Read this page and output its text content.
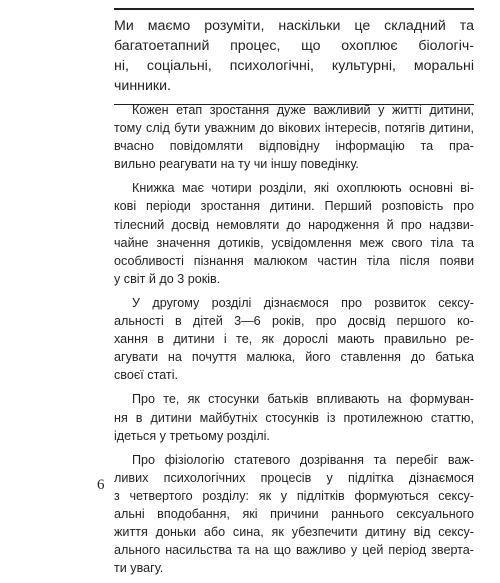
Ми маємо розуміти, наскільки це складний та
багатоетапний процес, що охоплює біологіч-
ні, соціальні, психологічні, культурні, моральні
чинники.
Кожен етап зростання дуже важливий у житті дитини,
тому слід бути уважним до вікових інтересів, потягів дитини,
вчасно повідомляти відповідну інформацію та пра-
вильно реагувати на ту чи іншу поведінку.
Книжка має чотири розділи, які охоплюють основні ві-
кові періоди зростання дитини. Перший розповість про
тілесний досвід немовляти до народження й про надзви-
чайне значення дотиків, усвідомлення меж свого тіла та
особливості пізнання малюком частин тіла після появи
у світ й до 3 років.
У другому розділі дізнаємося про розвиток сексу-
альності в дітей 3—6 років, про досвід першого ко-
хання в дитини і те, як дорослі мають правильно ре-
агувати на почуття малюка, його ставлення до батька
своєї статі.
Про те, як стосунки батьків впливають на формуван-
ня в дитини майбутніх стосунків із протилежною статтю,
ідеться у третьому розділі.
Про фізіологію статевого дозрівання та перебіг важ-
ливих психологічних процесів у підлітка дізнаємося
з четвертого розділу: як у підлітків формуються сексу-
альні вподобання, які причини раннього сексуального
життя доньки або сина, як убезпечити дитину від сексу-
ального насильства та на що важливо у цей період зверта-
ти увагу.
6
